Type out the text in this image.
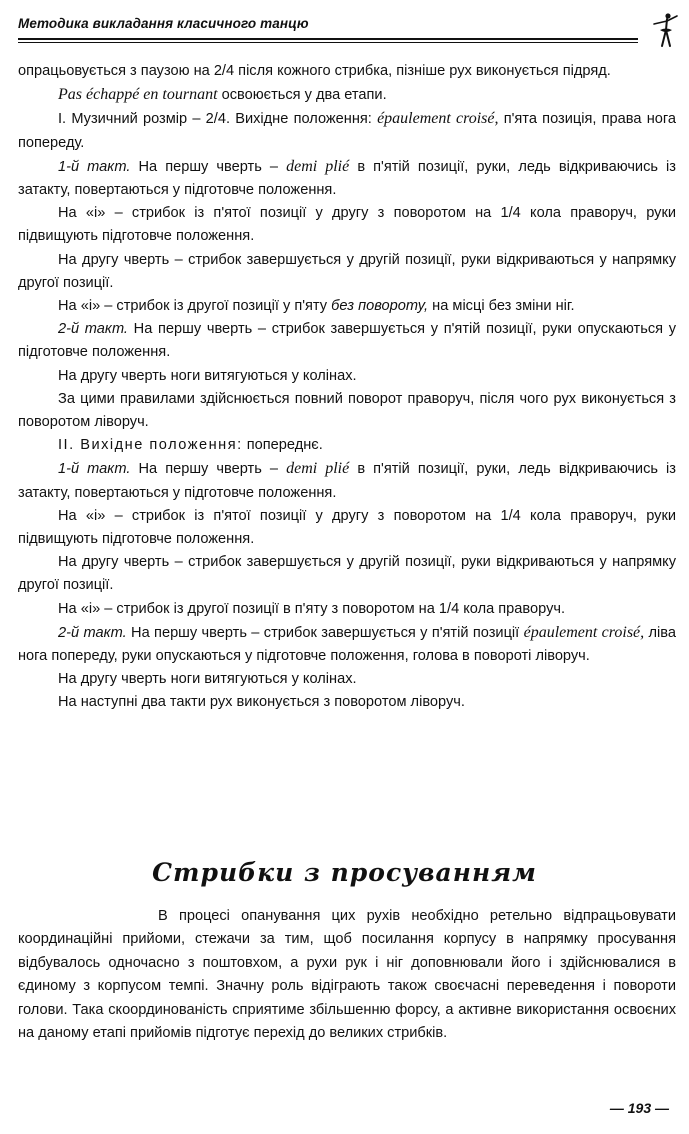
Методика викладання класичного танцю

опрацьовується з паузою на 2/4 після кожного стрибка, пізніше рух виконується підряд.

Pas échappé en tournant освоюється у два етапи.

І. Музичний розмір – 2/4. Вихідне положення: épaulement croisé, п'ята позиція, права нога попереду.

1-й такт. На першу чверть – demi plié в п'ятій позиції, руки, ледь відкриваючись із затакту, повертаються у підготовче положення.

На «і» – стрибок із п'ятої позиції у другу з поворотом на 1/4 кола праворуч, руки підвищують підготовче положення.

На другу чверть – стрибок завершується у другій позиції, руки відкриваються у напрямку другої позиції.

На «і» – стрибок із другої позиції у п'яту без повороту, на місці без зміни ніг.

2-й такт. На першу чверть – стрибок завершується у п'ятій позиції, руки опускаються у підготовче положення.

На другу чверть ноги витягуються у колінах.

За цими правилами здійснюється повний поворот праворуч, після чого рух виконується з поворотом ліворуч.

ІІ. Вихідне положення: попереднє.

1-й такт. На першу чверть – demi plié в п'ятій позиції, руки, ледь відкриваючись із затакту, повертаються у підготовче положення.

На «і» – стрибок із п'ятої позиції у другу з поворотом на 1/4 кола праворуч, руки підвищують підготовче положення.

На другу чверть – стрибок завершується у другій позиції, руки відкриваються у напрямку другої позиції.

На «і» – стрибок із другої позиції в п'яту з поворотом на 1/4 кола праворуч.

2-й такт. На першу чверть – стрибок завершується у п'ятій позиції épaulement croisé, ліва нога попереду, руки опускаються у підготовче положення, голова в повороті ліворуч.

На другу чверть ноги витягуються у колінах.

На наступні два такти рух виконується з поворотом ліворуч.

Стрибки з просуванням

В процесі опанування цих рухів необхідно ретельно відпрацьовувати координаційні прийоми, стежачи за тим, щоб посилання корпусу в напрямку просування відбувалось одночасно з поштовхом, а рухи рук і ніг доповнювали його і здійснювалися в єдиному з корпусом темпі. Значну роль відіграють також своєчасні переведення і повороти голови. Така скоординованість сприятиме збільшенню форсу, а активне використання освоєних на даному етапі прийомів підготує перехід до великих стрибків.

— 193 —
